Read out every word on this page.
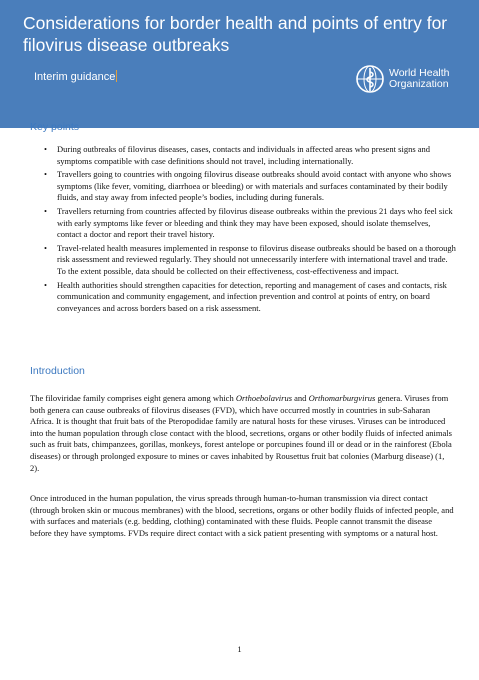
Considerations for border health and points of entry for filovirus disease outbreaks
Interim guidance	World Health
Organization
Key points
• During outbreaks of filovirus diseases, cases, contacts and individuals in affected areas who present signs and symptoms compatible with case definitions should not travel, including internationally.
• Travellers going to countries with ongoing filovirus disease outbreaks should avoid contact with anyone who shows symptoms (like fever, vomiting, diarrhoea or bleeding) or with materials and surfaces contaminated by their bodily fluids, and stay away from infected people’s bodies, including during funerals.
• Travellers returning from countries affected by filovirus disease outbreaks within the previous 21 days who feel sick with early symptoms like fever or bleeding and think they may have been exposed, should isolate themselves, contact a doctor and report their travel history.
• Travel-related health measures implemented in response to filovirus disease outbreaks should be based on a thorough risk assessment and reviewed regularly. They should not unnecessarily interfere with international travel and trade. To the extent possible, data should be collected on their effectiveness, cost-effectiveness and impact.
• Health authorities should strengthen capacities for detection, reporting and management of cases and contacts, risk communication and community engagement, and infection prevention and control at points of entry, on board conveyances and across borders based on a risk assessment.
Introduction

The filoviridae family comprises eight genera among which Orthoebolavirus and Orthomarburgvirus genera. Viruses from both genera can cause outbreaks of filovirus diseases (FVD), which have occurred mostly in countries in sub-Saharan Africa. It is thought that fruit bats of the Pteropodidae family are natural hosts for these viruses. Viruses can be introduced into the human population through close contact with the blood, secretions, organs or other bodily fluids of infected animals such as fruit bats, chimpanzees, gorillas, monkeys, forest antelope or porcupines found ill or dead or in the rainforest (Ebola diseases) or through prolonged exposure to mines or caves inhabited by Rousettus fruit bat colonies (Marburg disease) (1, 2).

Once introduced in the human population, the virus spreads through human-to-human transmission via direct contact (through broken skin or mucous membranes) with the blood, secretions, organs or other bodily fluids of infected people, and with surfaces and materials (e.g. bedding, clothing) contaminated with these fluids. People cannot transmit the disease before they have symptoms. FVDs require direct contact with a sick patient presenting with symptoms or a natural host.

1
